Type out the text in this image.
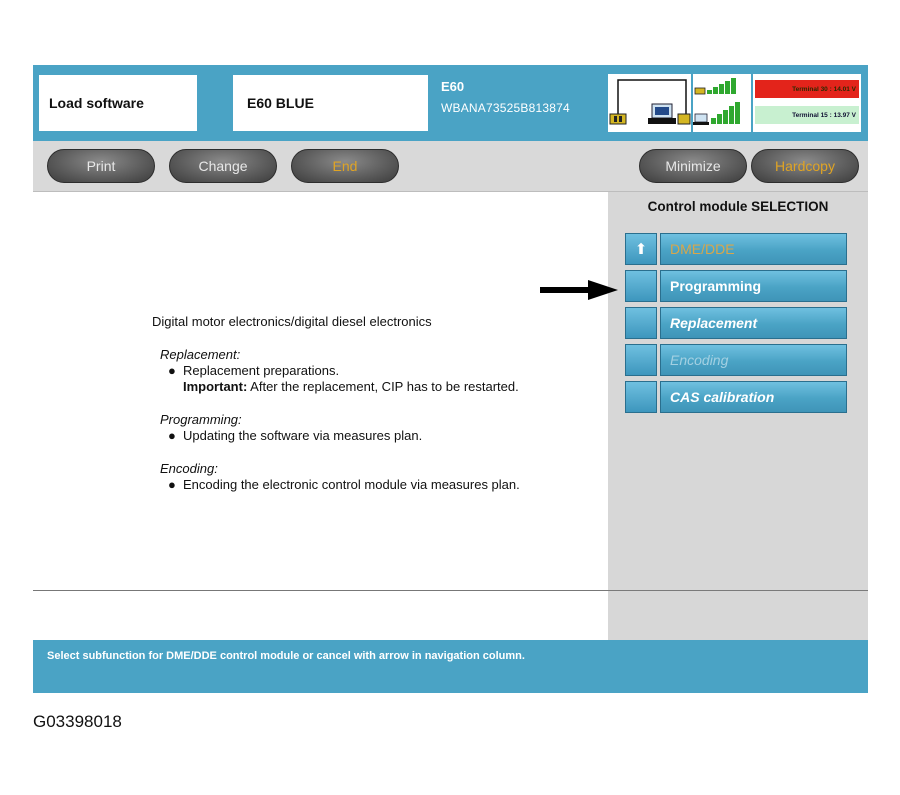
Load software	E60 BLUE
E60
WBANA73525B813874
Terminal 30 : 14.01 V
Terminal 15 : 13.97 V
Print	Change	End	Minimize	Hardcopy
Digital motor electronics/digital diesel electronics
Replacement:
● Replacement preparations.
Important: After the replacement, CIP has to be restarted.
Programming:
● Updating the software via measures plan.
Encoding:
● Encoding the electronic control module via measures plan.
Control module SELECTION
⬆	DME/DDE
Programming
Replacement
Encoding
CAS calibration
Select subfunction for DME/DDE control module or cancel with arrow in navigation column.
G03398018
